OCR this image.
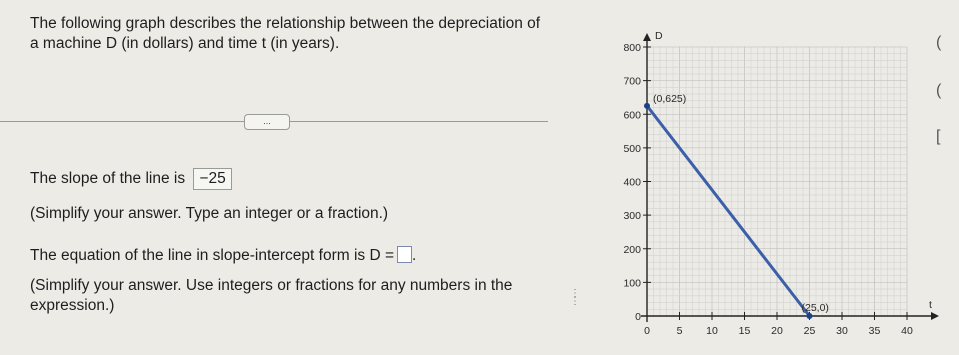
The following graph describes the relationship between the depreciation of a machine D (in dollars) and time t (in years).
...
The slope of the line is −25
(Simplify your answer. Type an integer or a fraction.)
The equation of the line in slope-intercept form is D = .
(Simplify your answer. Use integers or fractions for any numbers in the expression.)
⋮
⋮
(
(
[
D
t
0
100
200
300
400
500
600
700
800
0	5 10 15 20 25 30 35 40
(0,625)
(25,0)
